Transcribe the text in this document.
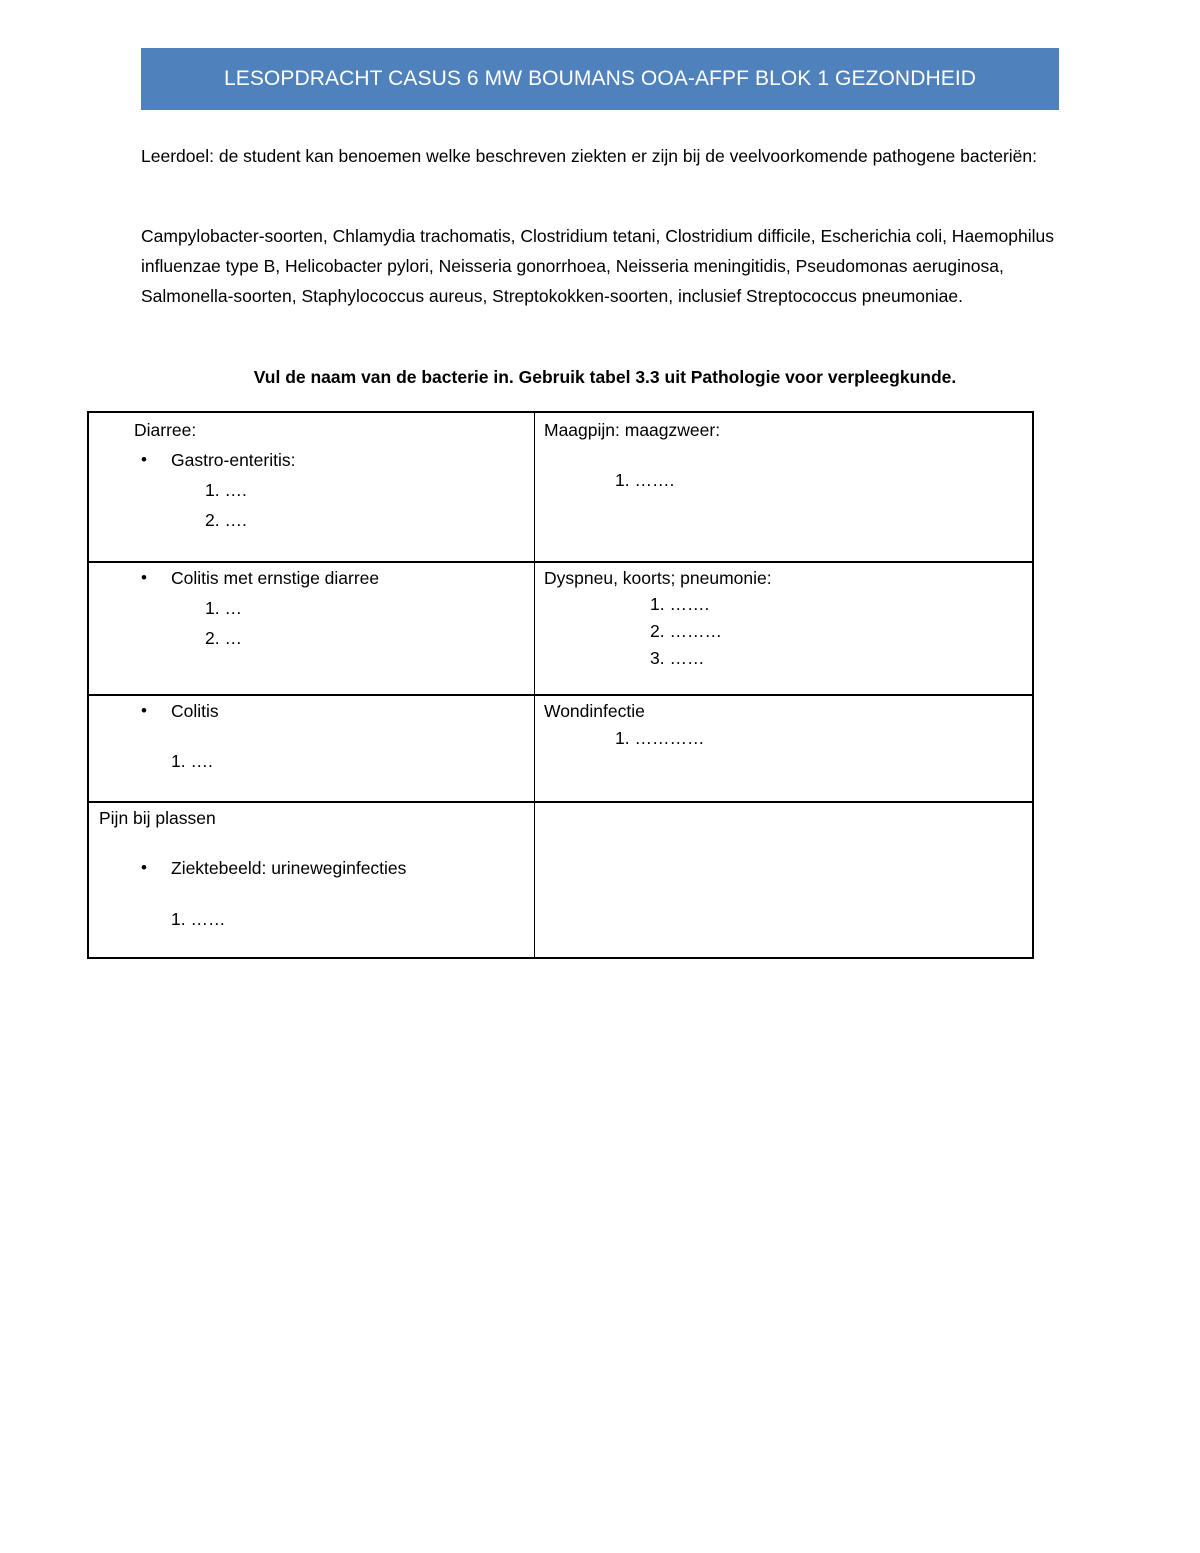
LESOPDRACHT CASUS 6 MW BOUMANS OOA-AFPF BLOK 1 GEZONDHEID

Leerdoel: de student kan benoemen welke beschreven ziekten er zijn bij de veelvoorkomende pathogene bacteriën:

Campylobacter-soorten, Chlamydia trachomatis, Clostridium tetani, Clostridium difficile, Escherichia coli, Haemophilus influenzae type B, Helicobacter pylori, Neisseria gonorrhoea, Neisseria meningitidis, Pseudomonas aeruginosa, Salmonella-soorten, Staphylococcus aureus, Streptokokken-soorten, inclusief Streptococcus pneumoniae.

Vul de naam van de bacterie in. Gebruik tabel 3.3 uit Pathologie voor verpleegkunde.
Diarree:
• Gastro-enteritis:
1. ….
2. ….
Maagpijn: maagzweer:
1. …….
• Colitis met ernstige diarree
1. …
2. …
Dyspneu, koorts; pneumonie:
1. …….
2. ………
3. ……
• Colitis
1. ….
Wondinfectie
1. …………
Pijn bij plassen
• Ziektebeeld: urineweginfecties
1. ……
